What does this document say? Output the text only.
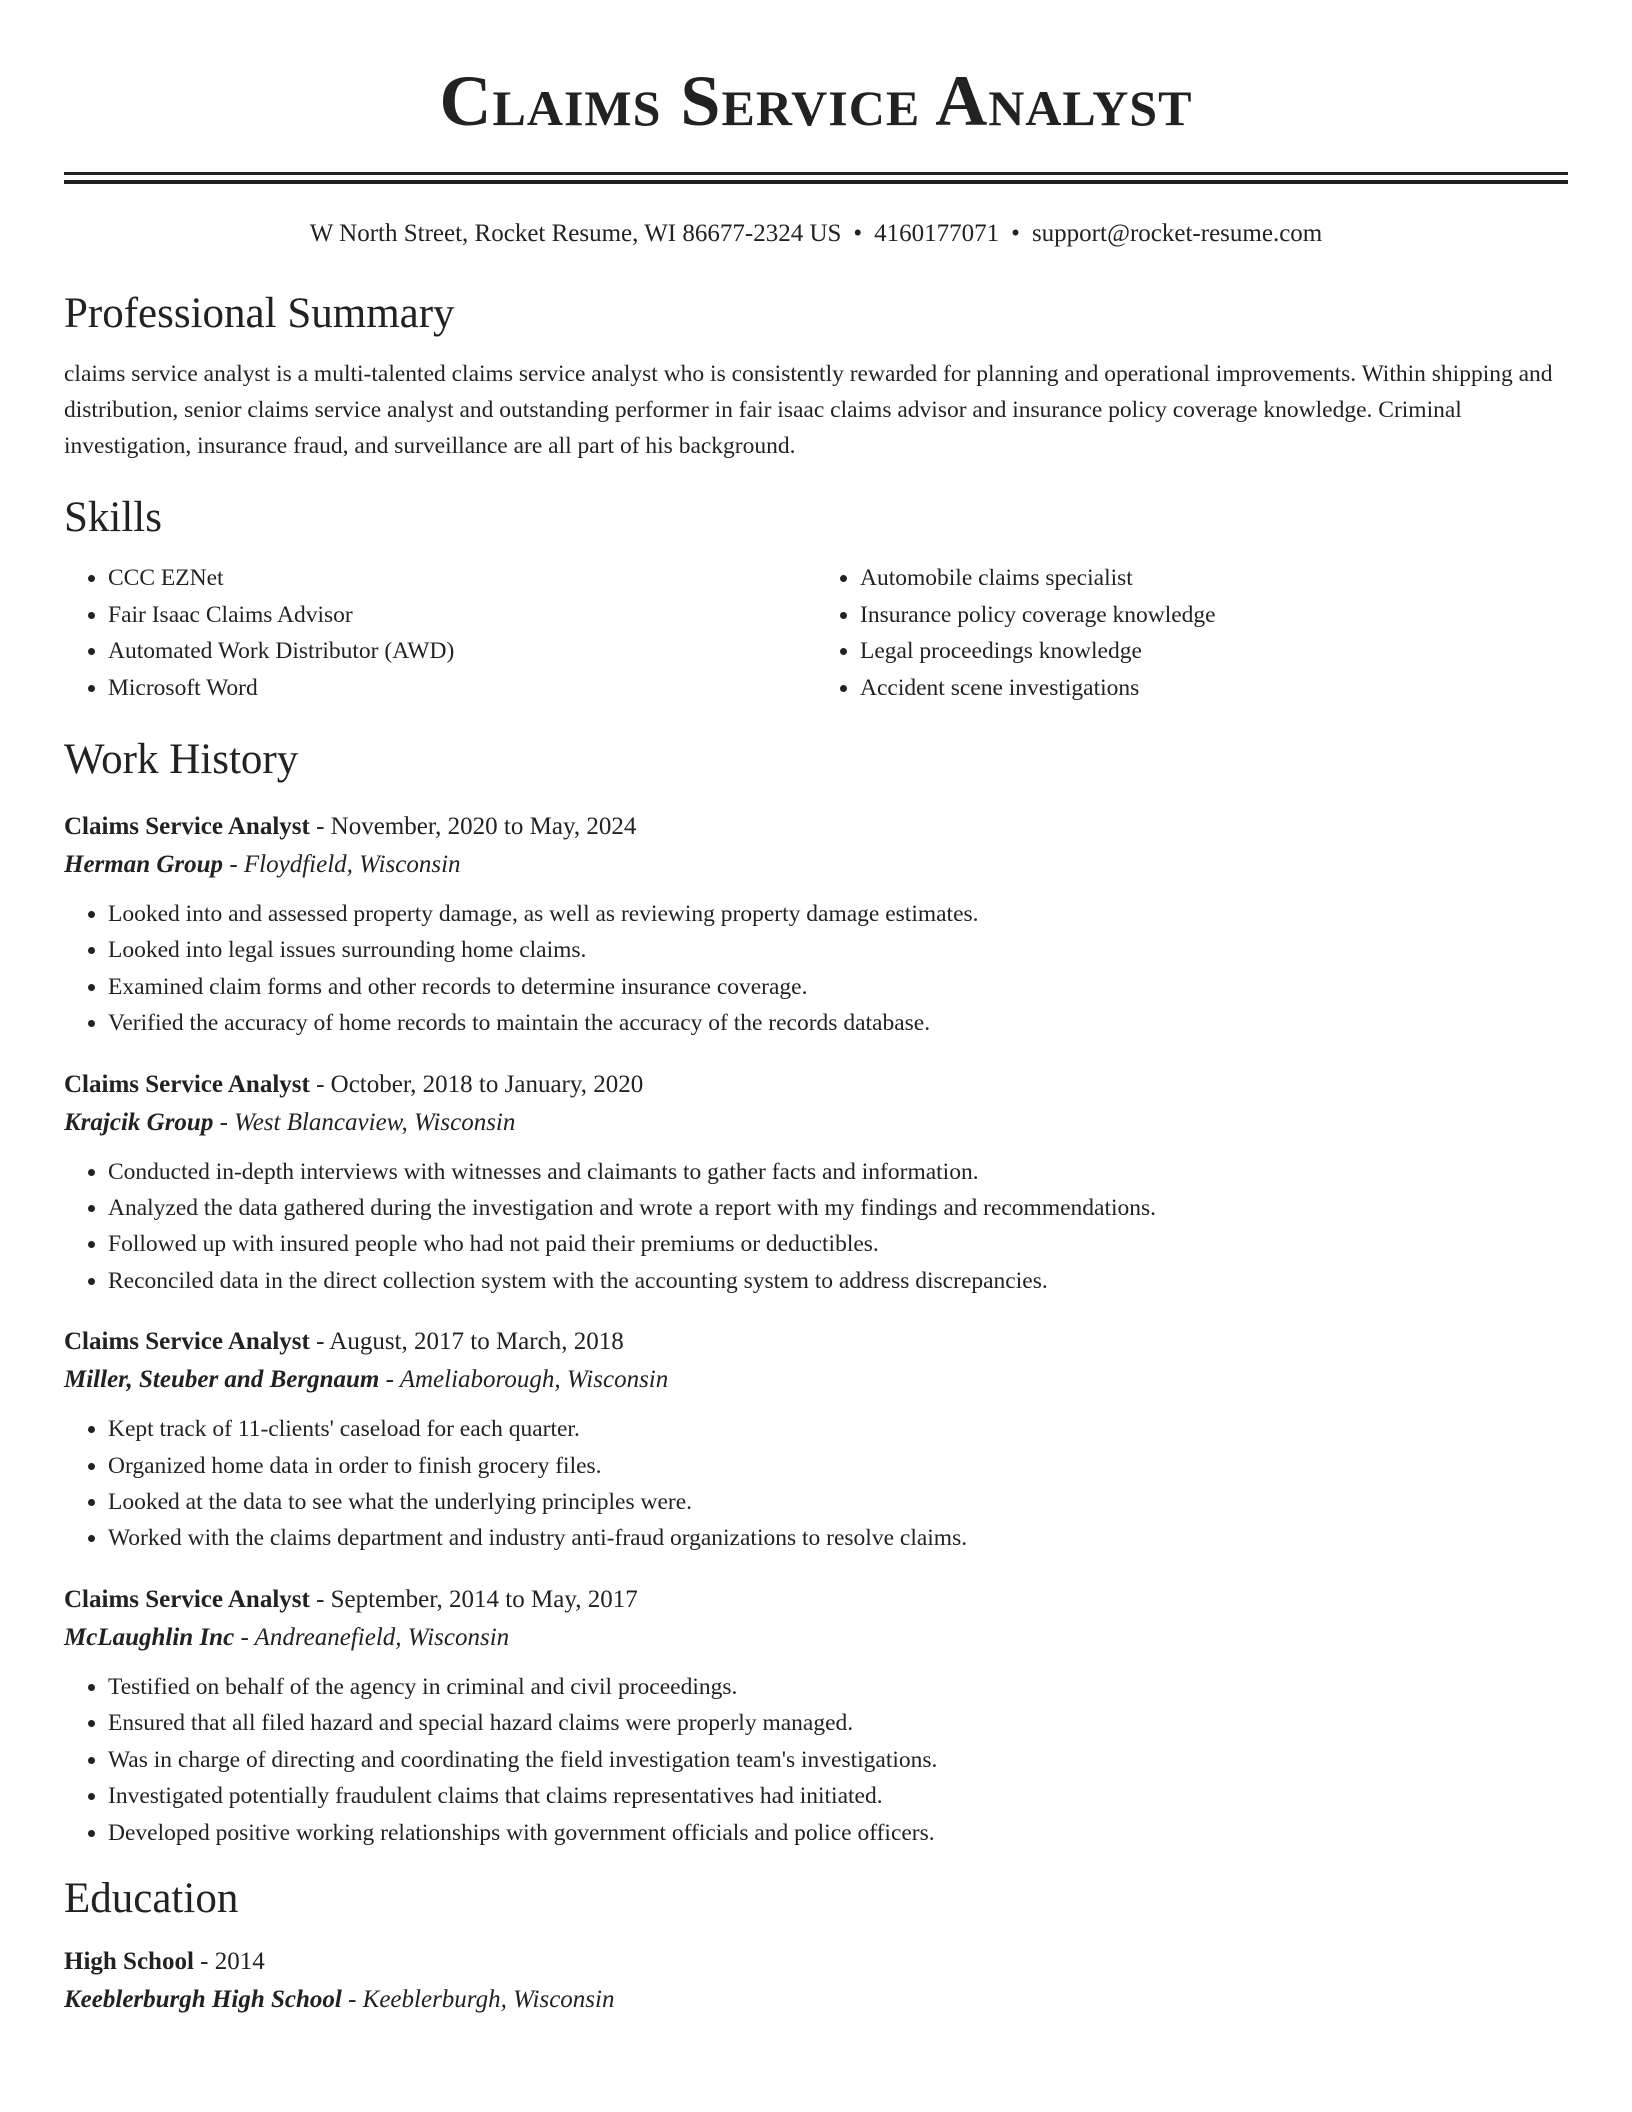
Claims Service Analyst
W North Street, Rocket Resume, WI 86677-2324 US • 4160177071 • support@rocket-resume.com
Professional Summary

claims service analyst is a multi-talented claims service analyst who is consistently rewarded for planning and operational improvements. Within shipping and distribution, senior claims service analyst and outstanding performer in fair isaac claims advisor and insurance policy coverage knowledge. Criminal investigation, insurance fraud, and surveillance are all part of his background.

Skills
• CCC EZNet
• Fair Isaac Claims Advisor
• Automated Work Distributor (AWD)
• Microsoft Word
• Automobile claims specialist
• Insurance policy coverage knowledge
• Legal proceedings knowledge
• Accident scene investigations
Work History
Claims Service Analyst - November, 2020 to May, 2024
Herman Group - Floydfield, Wisconsin
• Looked into and assessed property damage, as well as reviewing property damage estimates.
• Looked into legal issues surrounding home claims.
• Examined claim forms and other records to determine insurance coverage.
• Verified the accuracy of home records to maintain the accuracy of the records database.
Claims Service Analyst - October, 2018 to January, 2020
Krajcik Group - West Blancaview, Wisconsin
• Conducted in-depth interviews with witnesses and claimants to gather facts and information.
• Analyzed the data gathered during the investigation and wrote a report with my findings and recommendations.
• Followed up with insured people who had not paid their premiums or deductibles.
• Reconciled data in the direct collection system with the accounting system to address discrepancies.
Claims Service Analyst - August, 2017 to March, 2018
Miller, Steuber and Bergnaum - Ameliaborough, Wisconsin
• Kept track of 11-clients' caseload for each quarter.
• Organized home data in order to finish grocery files.
• Looked at the data to see what the underlying principles were.
• Worked with the claims department and industry anti-fraud organizations to resolve claims.
Claims Service Analyst - September, 2014 to May, 2017
McLaughlin Inc - Andreanefield, Wisconsin
• Testified on behalf of the agency in criminal and civil proceedings.
• Ensured that all filed hazard and special hazard claims were properly managed.
• Was in charge of directing and coordinating the field investigation team's investigations.
• Investigated potentially fraudulent claims that claims representatives had initiated.
• Developed positive working relationships with government officials and police officers.
Education
High School - 2014
Keeblerburgh High School - Keeblerburgh, Wisconsin
